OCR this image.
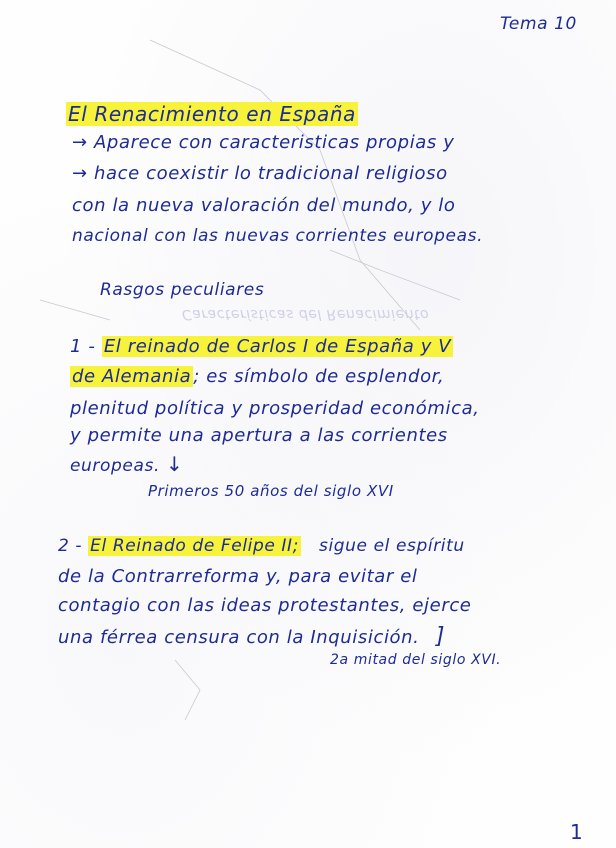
Características del Renacimiento
Tema 10
El Renacimiento en España
→ Aparece con caracteristicas propias y
→ hace coexistir lo tradicional religioso
con la nueva valoración del mundo, y lo
nacional con las nuevas corrientes europeas.
Rasgos peculiares
1 - El reinado de Carlos I de España y V
de Alemania ; es símbolo de esplendor,
plenitud política y prosperidad económica,
y permite una apertura a las corrientes
europeas. ↓
Primeros 50 años del siglo XVI
2 - El Reinado de Felipe II; sigue el espíritu
de la Contrarreforma y, para evitar el
contagio con las ideas protestantes, ejerce
una férrea censura con la Inquisición. ]
2a mitad del siglo XVI.
1
